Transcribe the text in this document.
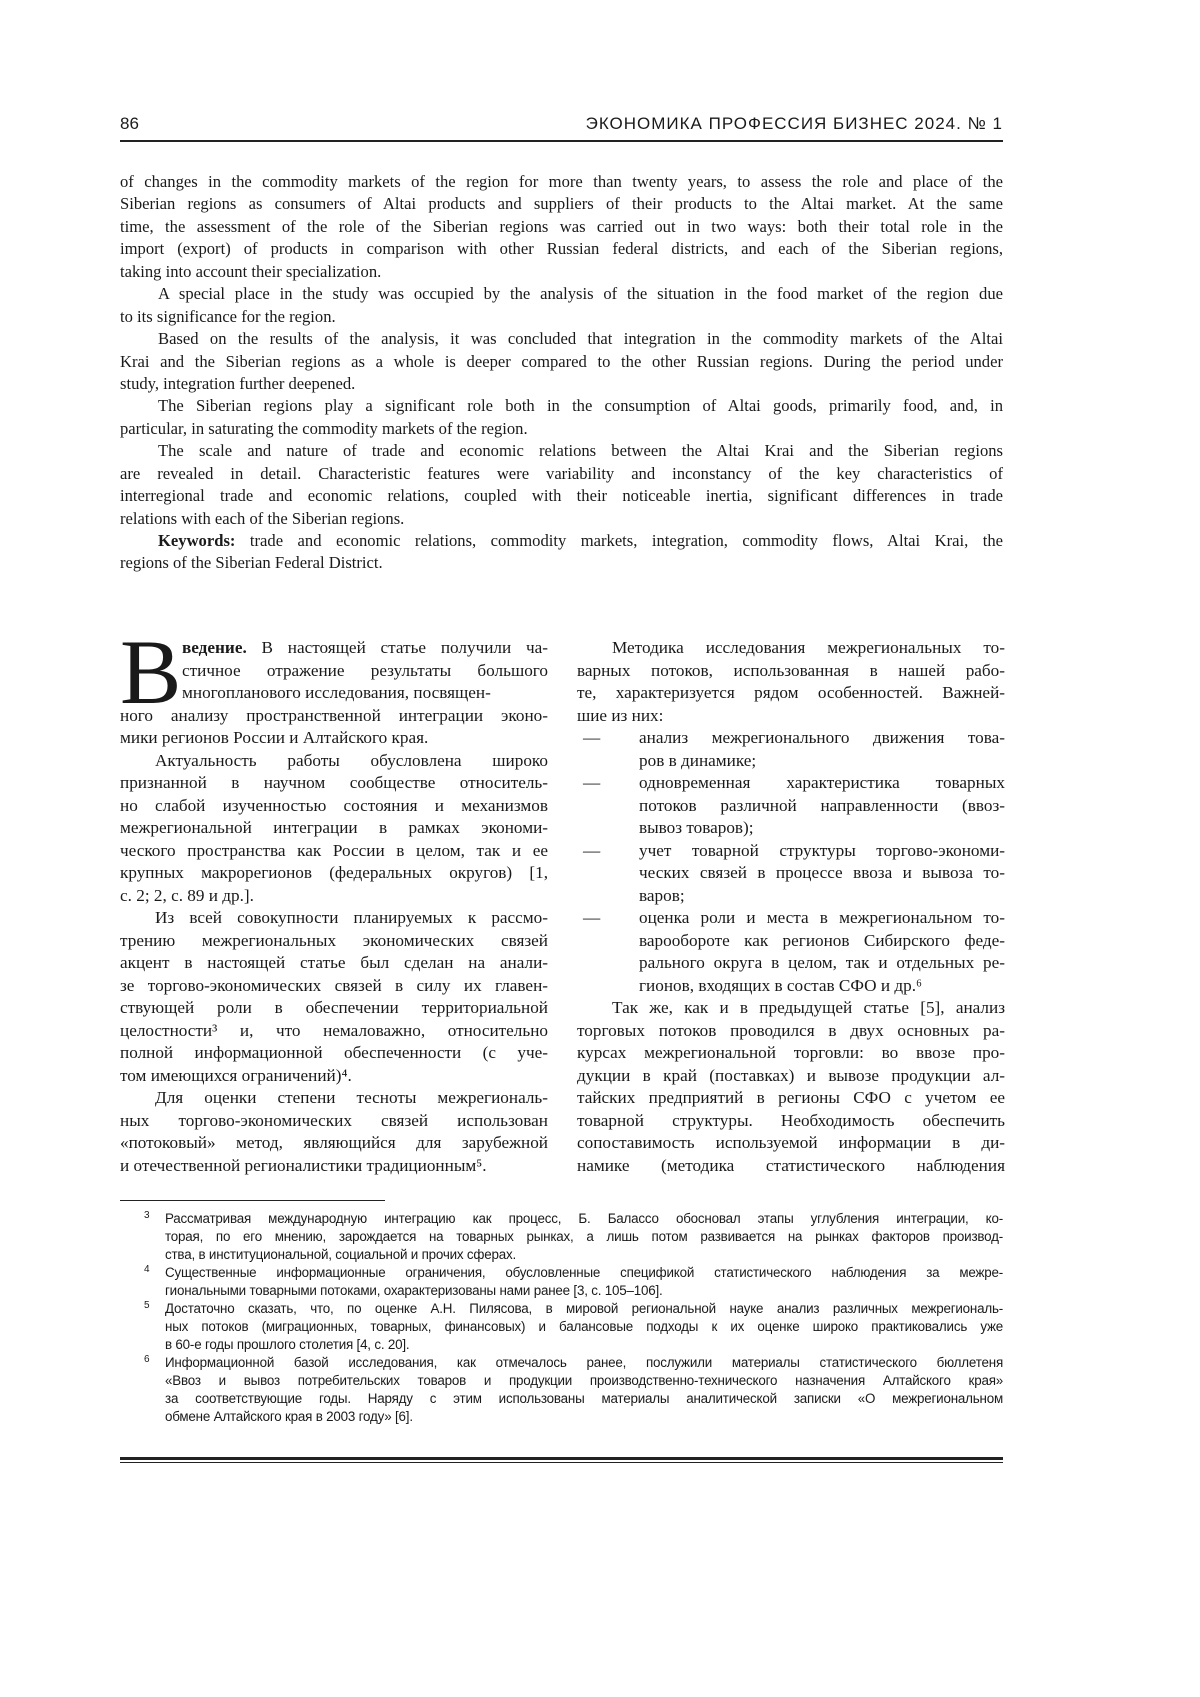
86	ЭКОНОМИКА ПРОФЕССИЯ БИЗНЕС 2024. № 1
of changes in the commodity markets of the region for more than twenty years, to assess the role and place of the
Siberian regions as consumers of Altai products and suppliers of their products to the Altai market. At the same
time, the assessment of the role of the Siberian regions was carried out in two ways: both their total role in the
import (export) of products in comparison with other Russian federal districts, and each of the Siberian regions,
taking into account their specialization.
A special place in the study was occupied by the analysis of the situation in the food market of the region due
to its significance for the region.
Based on the results of the analysis, it was concluded that integration in the commodity markets of the Altai
Krai and the Siberian regions as a whole is deeper compared to the other Russian regions. During the period under
study, integration further deepened.
The Siberian regions play a significant role both in the consumption of Altai goods, primarily food, and, in
particular, in saturating the commodity markets of the region.
The scale and nature of trade and economic relations between the Altai Krai and the Siberian regions
are revealed in detail. Characteristic features were variability and inconstancy of the key characteristics of
interregional trade and economic relations, coupled with their noticeable inertia, significant differences in trade
relations with each of the Siberian regions.
Keywords: trade and economic relations, commodity markets, integration, commodity flows, Altai Krai, the
regions of the Siberian Federal District.
В ведение. В настоящей статье получили ча-
стичное отражение результаты большого
многопланового исследования, посвящен-
ного анализу пространственной интеграции эконо-
мики регионов России и Алтайского края.
Актуальность работы обусловлена широко
признанной в научном сообществе относитель-
но слабой изученностью состояния и механизмов
межрегиональной интеграции в рамках экономи-
ческого пространства как России в целом, так и ее
крупных макрорегионов (федеральных округов) [1,
с. 2; 2, с. 89 и др.].
Из всей совокупности планируемых к рассмо-
трению межрегиональных экономических связей
акцент в настоящей статье был сделан на анали-
зе торгово-экономических связей в силу их главен-
ствующей роли в обеспечении территориальной
целостности³ и, что немаловажно, относительно
полной информационной обеспеченности (с уче-
том имеющихся ограничений)⁴.
Для оценки степени тесноты межрегиональ-
ных торгово-экономических связей использован
«потоковый» метод, являющийся для зарубежной
и отечественной регионалистики традиционным⁵.
Методика исследования межрегиональных то-
варных потоков, использованная в нашей рабо-
те, характеризуется рядом особенностей. Важней-
шие из них:
— анализ межрегионального движения това-
ров в динамике;
— одновременная характеристика товарных
потоков различной направленности (ввоз-
вывоз товаров);
— учет товарной структуры торгово-экономи-
ческих связей в процессе ввоза и вывоза то-
варов;
— оценка роли и места в межрегиональном то-
варообороте как регионов Сибирского феде-
рального округа в целом, так и отдельных ре-
гионов, входящих в состав СФО и др.⁶
Так же, как и в предыдущей статье [5], анализ
торговых потоков проводился в двух основных ра-
курсах межрегиональной торговли: во ввозе про-
дукции в край (поставках) и вывозе продукции ал-
тайских предприятий в регионы СФО с учетом ее
товарной структуры. Необходимость обеспечить
сопоставимость используемой информации в ди-
намике (методика статистического наблюдения
3 Рассматривая международную интеграцию как процесс, Б. Балассо обосновал этапы углубления интеграции, ко-
торая, по его мнению, зарождается на товарных рынках, а лишь потом развивается на рынках факторов производ-
ства, в институциональной, социальной и прочих сферах.
4 Существенные информационные ограничения, обусловленные спецификой статистического наблюдения за межре-
гиональными товарными потоками, охарактеризованы нами ранее [3, с. 105–106].
5 Достаточно сказать, что, по оценке А.Н. Пилясова, в мировой региональной науке анализ различных межрегиональ-
ных потоков (миграционных, товарных, финансовых) и балансовые подходы к их оценке широко практиковались уже
в 60-е годы прошлого столетия [4, с. 20].
6 Информационной базой исследования, как отмечалось ранее, послужили материалы статистического бюллетеня
«Ввоз и вывоз потребительских товаров и продукции производственно-технического назначения Алтайского края»
за соответствующие годы. Наряду с этим использованы материалы аналитической записки «О межрегиональном
обмене Алтайского края в 2003 году» [6].
